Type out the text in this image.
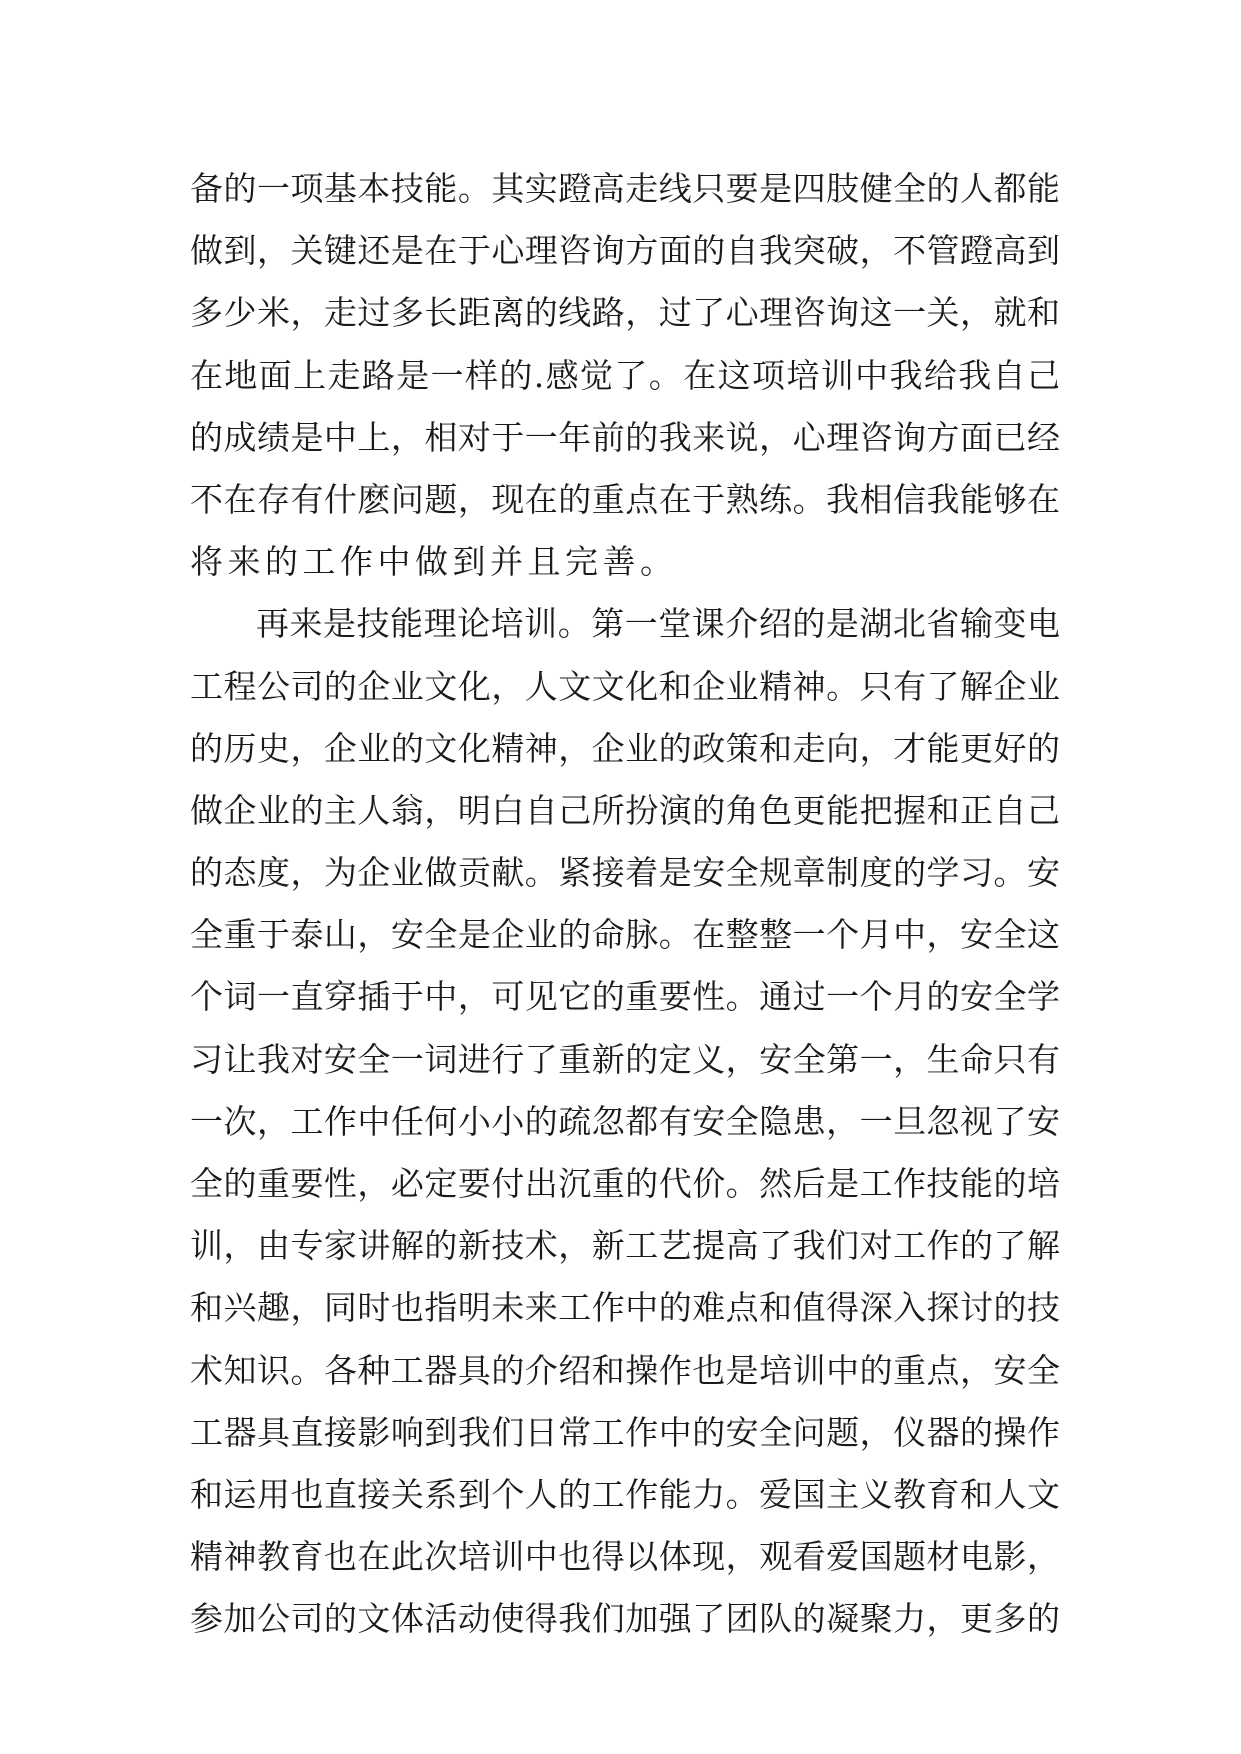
备的一项基本技能。其实蹬高走线只要是四肢健全的人都能
做到，关键还是在于心理咨询方面的自我突破，不管蹬高到
多少米，走过多长距离的线路，过了心理咨询这一关，就和
在地面上走路是一样的.感觉了。在这项培训中我给我自己
的成绩是中上，相对于一年前的我来说，心理咨询方面已经
不在存有什麽问题，现在的重点在于熟练。我相信我能够在
将来的工作中做到并且完善。
再来是技能理论培训。第一堂课介绍的是湖北省输变电
工程公司的企业文化，人文文化和企业精神。只有了解企业
的历史，企业的文化精神，企业的政策和走向，才能更好的
做企业的主人翁，明白自己所扮演的角色更能把握和正自己
的态度，为企业做贡献。紧接着是安全规章制度的学习。安
全重于泰山，安全是企业的命脉。在整整一个月中，安全这
个词一直穿插于中，可见它的重要性。通过一个月的安全学
习让我对安全一词进行了重新的定义，安全第一，生命只有
一次，工作中任何小小的疏忽都有安全隐患，一旦忽视了安
全的重要性，必定要付出沉重的代价。然后是工作技能的培
训，由专家讲解的新技术，新工艺提高了我们对工作的了解
和兴趣，同时也指明未来工作中的难点和值得深入探讨的技
术知识。各种工器具的介绍和操作也是培训中的重点，安全
工器具直接影响到我们日常工作中的安全问题，仪器的操作
和运用也直接关系到个人的工作能力。爱国主义教育和人文
精神教育也在此次培训中也得以体现，观看爱国题材电影，
参加公司的文体活动使得我们加强了团队的凝聚力，更多的
